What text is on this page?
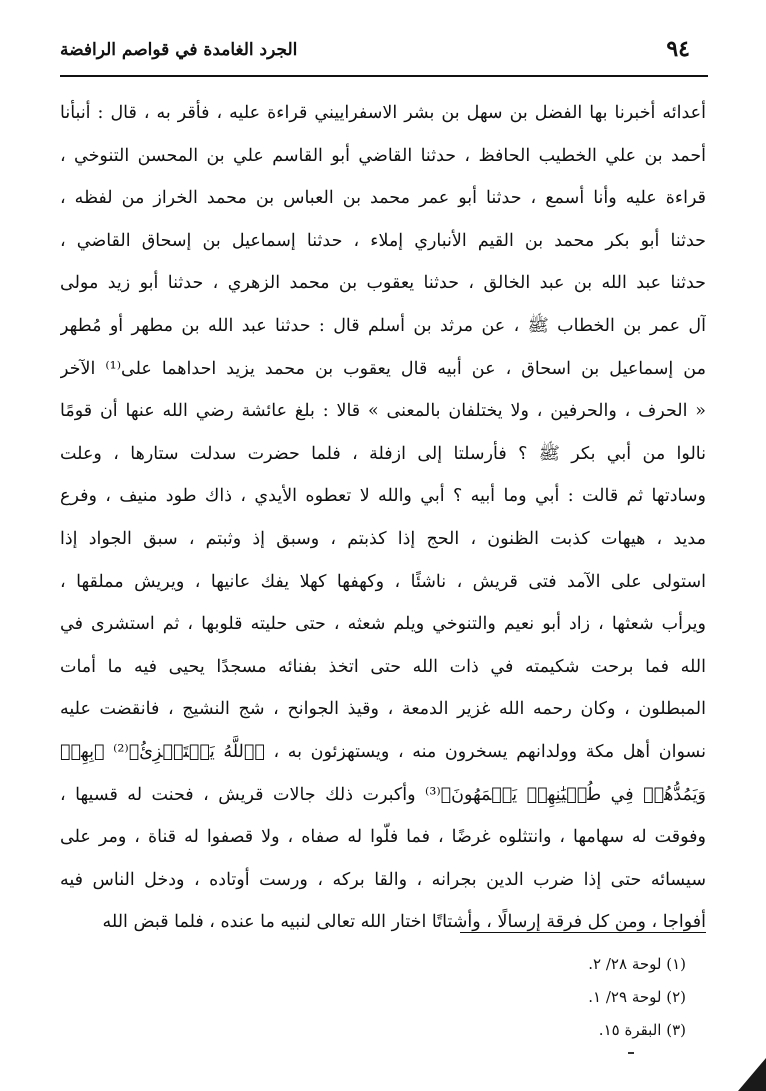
٩٤
الجرد الغامدة في قواصم الرافضة
أعدائه أخبرنا بها الفضل بن سهل بن بشر الاسفراييني قراءة عليه ، فأقر به ، قال : أنبأنا
أحمد بن علي الخطيب الحافظ ، حدثنا القاضي أبو القاسم علي بن المحسن التنوخي ،
قراءة عليه وأنا أسمع ، حدثنا أبو عمر محمد بن العباس بن محمد الخراز من لفظه ،
حدثنا أبو بكر محمد بن القيم الأنباري إملاء ، حدثنا إسماعيل بن إسحاق القاضي ،
حدثنا عبد الله بن عبد الخالق ، حدثنا يعقوب بن محمد الزهري ، حدثنا أبو زيد مولى
آل عمر بن الخطاب ﷺ ، عن مرثد بن أسلم قال : حدثنا عبد الله بن مطهر أو مُطهر
من إسماعيل بن اسحاق ، عن أبيه قال يعقوب بن محمد يزيد احداهما على⁽¹⁾ الآخر
« الحرف ، والحرفين ، ولا يختلفان بالمعنى » قالا : بلغ عائشة رضي الله عنها أن قومًا
نالوا من أبي بكر ﷺ ؟ فأرسلتا إلى ازفلة ، فلما حضرت سدلت ستارها ، وعلت
وسادتها ثم قالت : أبي وما أبيه ؟ أبي والله لا تعطوه الأيدي ، ذاك طود منيف ، وفرع
مديد ، هيهات كذبت الظنون ، الحج إذا كذبتم ، وسبق إذ وثبتم ، سبق الجواد إذا
استولى على الآمد فتى قريش ، ناشئًا ، وكهفها كهلا يفك عانيها ، ويريش مملقها ،
ويرأب شعثها ، زاد أبو نعيم والتنوخي ويلم شعثه ، حتى حليته قلوبها ، ثم استشرى في
الله فما برحت شكيمته في ذات الله حتى اتخذ بفنائه مسجدًا يحيى فيه ما أمات
المبطلون ، وكان رحمه الله غزير الدمعة ، وقيذ الجوانح ، شج النشيج ، فانقضت عليه
نسوان أهل مكة وولدانهم يسخرون منه ، ويستهزئون به ، ﴿ٱللَّهُ يَسۡتَهۡزِئُ﴾⁽²⁾ ﴿بِهِمۡ
وَيَمُدُّهُمۡ فِي طُغۡيَٰنِهِمۡ يَعۡمَهُونَ﴾⁽³⁾ وأكبرت ذلك جالات قريش ، فحنت له قسيها ،
وفوقت له سهامها ، وانتثلوه غرضًا ، فما فلّوا له صفاه ، ولا قصفوا له قناة ، ومر على
سيسائه حتى إذا ضرب الدين بجرانه ، والقا بركه ، ورست أوتاده ، ودخل الناس فيه
أفواجا ، ومن كل فرقة إرسالًا ، وأشتاتًا اختار الله تعالى لنبيه ما عنده ، فلما قبض الله
(١) لوحة ٢٨/ ٢.
(٢) لوحة ٢٩/ ١.
(٣) البقرة ١٥.
